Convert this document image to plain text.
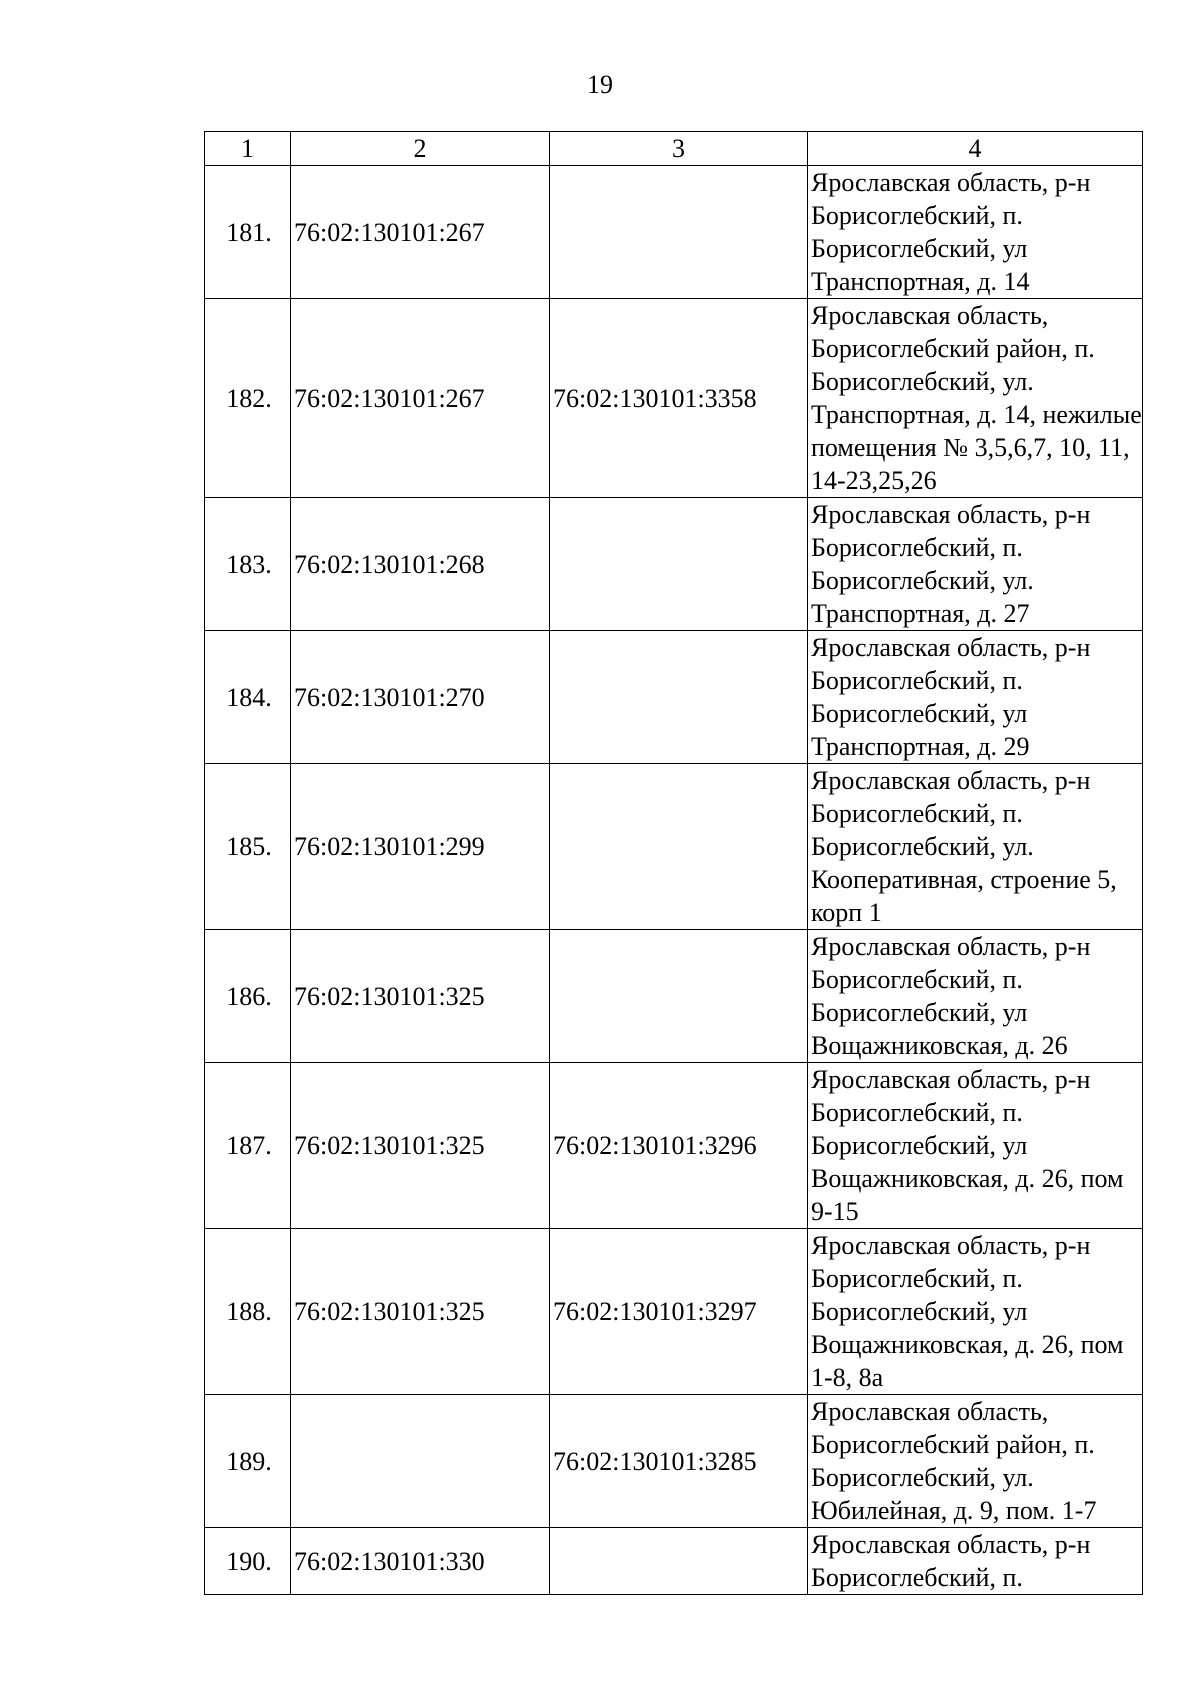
19
1	2	3	4
181.	76:02:130101:267		Ярославская область, р-н Борисоглебский, п. Борисоглебский, ул Транспортная, д. 14
182.	76:02:130101:267	76:02:130101:3358	Ярославская область, Борисоглебский район, п. Борисоглебский, ул. Транспортная, д. 14, нежилые помещения № 3,5,6,7, 10, 11, 14-23,25,26
183.	76:02:130101:268		Ярославская область, р-н Борисоглебский, п. Борисоглебский, ул. Транспортная, д. 27
184.	76:02:130101:270		Ярославская область, р-н Борисоглебский, п. Борисоглебский, ул Транспортная, д. 29
185.	76:02:130101:299		Ярославская область, р-н Борисоглебский, п. Борисоглебский, ул. Кооперативная, строение 5, корп 1
186.	76:02:130101:325		Ярославская область, р-н Борисоглебский, п. Борисоглебский, ул Вощажниковская, д. 26
187.	76:02:130101:325	76:02:130101:3296	Ярославская область, р-н Борисоглебский, п. Борисоглебский, ул Вощажниковская, д. 26, пом 9-15
188.	76:02:130101:325	76:02:130101:3297	Ярославская область, р-н Борисоглебский, п. Борисоглебский, ул Вощажниковская, д. 26, пом 1-8, 8а
189.		76:02:130101:3285	Ярославская область, Борисоглебский район, п. Борисоглебский, ул. Юбилейная, д. 9, пом. 1-7
190.	76:02:130101:330		Ярославская область, р-н Борисоглебский, п.
